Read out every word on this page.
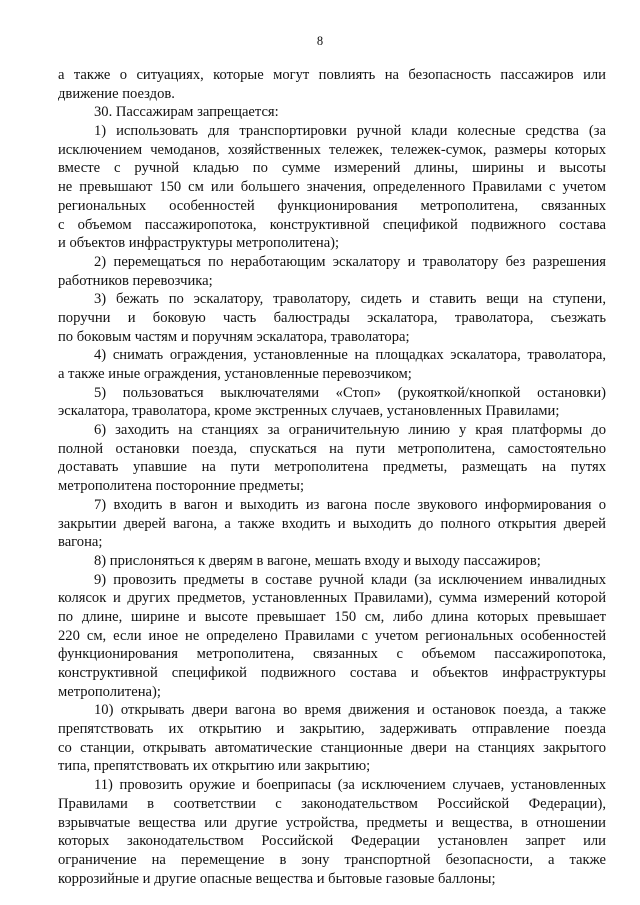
8
а также о ситуациях, которые могут повлиять на безопасность пассажиров или
движение поездов.
30. Пассажирам запрещается:
1) использовать для транспортировки ручной клади колесные средства (за
исключением чемоданов, хозяйственных тележек, тележек-сумок, размеры которых
вместе с ручной кладью по сумме измерений длины, ширины и высоты
не превышают 150 см или большего значения, определенного Правилами с учетом
региональных особенностей функционирования метрополитена, связанных
с объемом пассажиропотока, конструктивной спецификой подвижного состава
и объектов инфраструктуры метрополитена);
2) перемещаться по неработающим эскалатору и траволатору без разрешения
работников перевозчика;
3) бежать по эскалатору, траволатору, сидеть и ставить вещи на ступени,
поручни и боковую часть балюстрады эскалатора, траволатора, съезжать
по боковым частям и поручням эскалатора, траволатора;
4) снимать ограждения, установленные на площадках эскалатора, траволатора,
а также иные ограждения, установленные перевозчиком;
5) пользоваться выключателями «Стоп» (рукояткой/кнопкой остановки)
эскалатора, траволатора, кроме экстренных случаев, установленных Правилами;
6) заходить на станциях за ограничительную линию у края платформы до
полной остановки поезда, спускаться на пути метрополитена, самостоятельно
доставать упавшие на пути метрополитена предметы, размещать на путях
метрополитена посторонние предметы;
7) входить в вагон и выходить из вагона после звукового информирования о
закрытии дверей вагона, а также входить и выходить до полного открытия дверей
вагона;
8) прислоняться к дверям в вагоне, мешать входу и выходу пассажиров;
9) провозить предметы в составе ручной клади (за исключением инвалидных
колясок и других предметов, установленных Правилами), сумма измерений которой
по длине, ширине и высоте превышает 150 см, либо длина которых превышает
220 см, если иное не определено Правилами с учетом региональных особенностей
функционирования метрополитена, связанных с объемом пассажиропотока,
конструктивной спецификой подвижного состава и объектов инфраструктуры
метрополитена);
10) открывать двери вагона во время движения и остановок поезда, а также
препятствовать их открытию и закрытию, задерживать отправление поезда
со станции, открывать автоматические станционные двери на станциях закрытого
типа, препятствовать их открытию или закрытию;
11) провозить оружие и боеприпасы (за исключением случаев, установленных
Правилами в соответствии с законодательством Российской Федерации),
взрывчатые вещества или другие устройства, предметы и вещества, в отношении
которых законодательством Российской Федерации установлен запрет или
ограничение на перемещение в зону транспортной безопасности, а также
коррозийные и другие опасные вещества и бытовые газовые баллоны;
